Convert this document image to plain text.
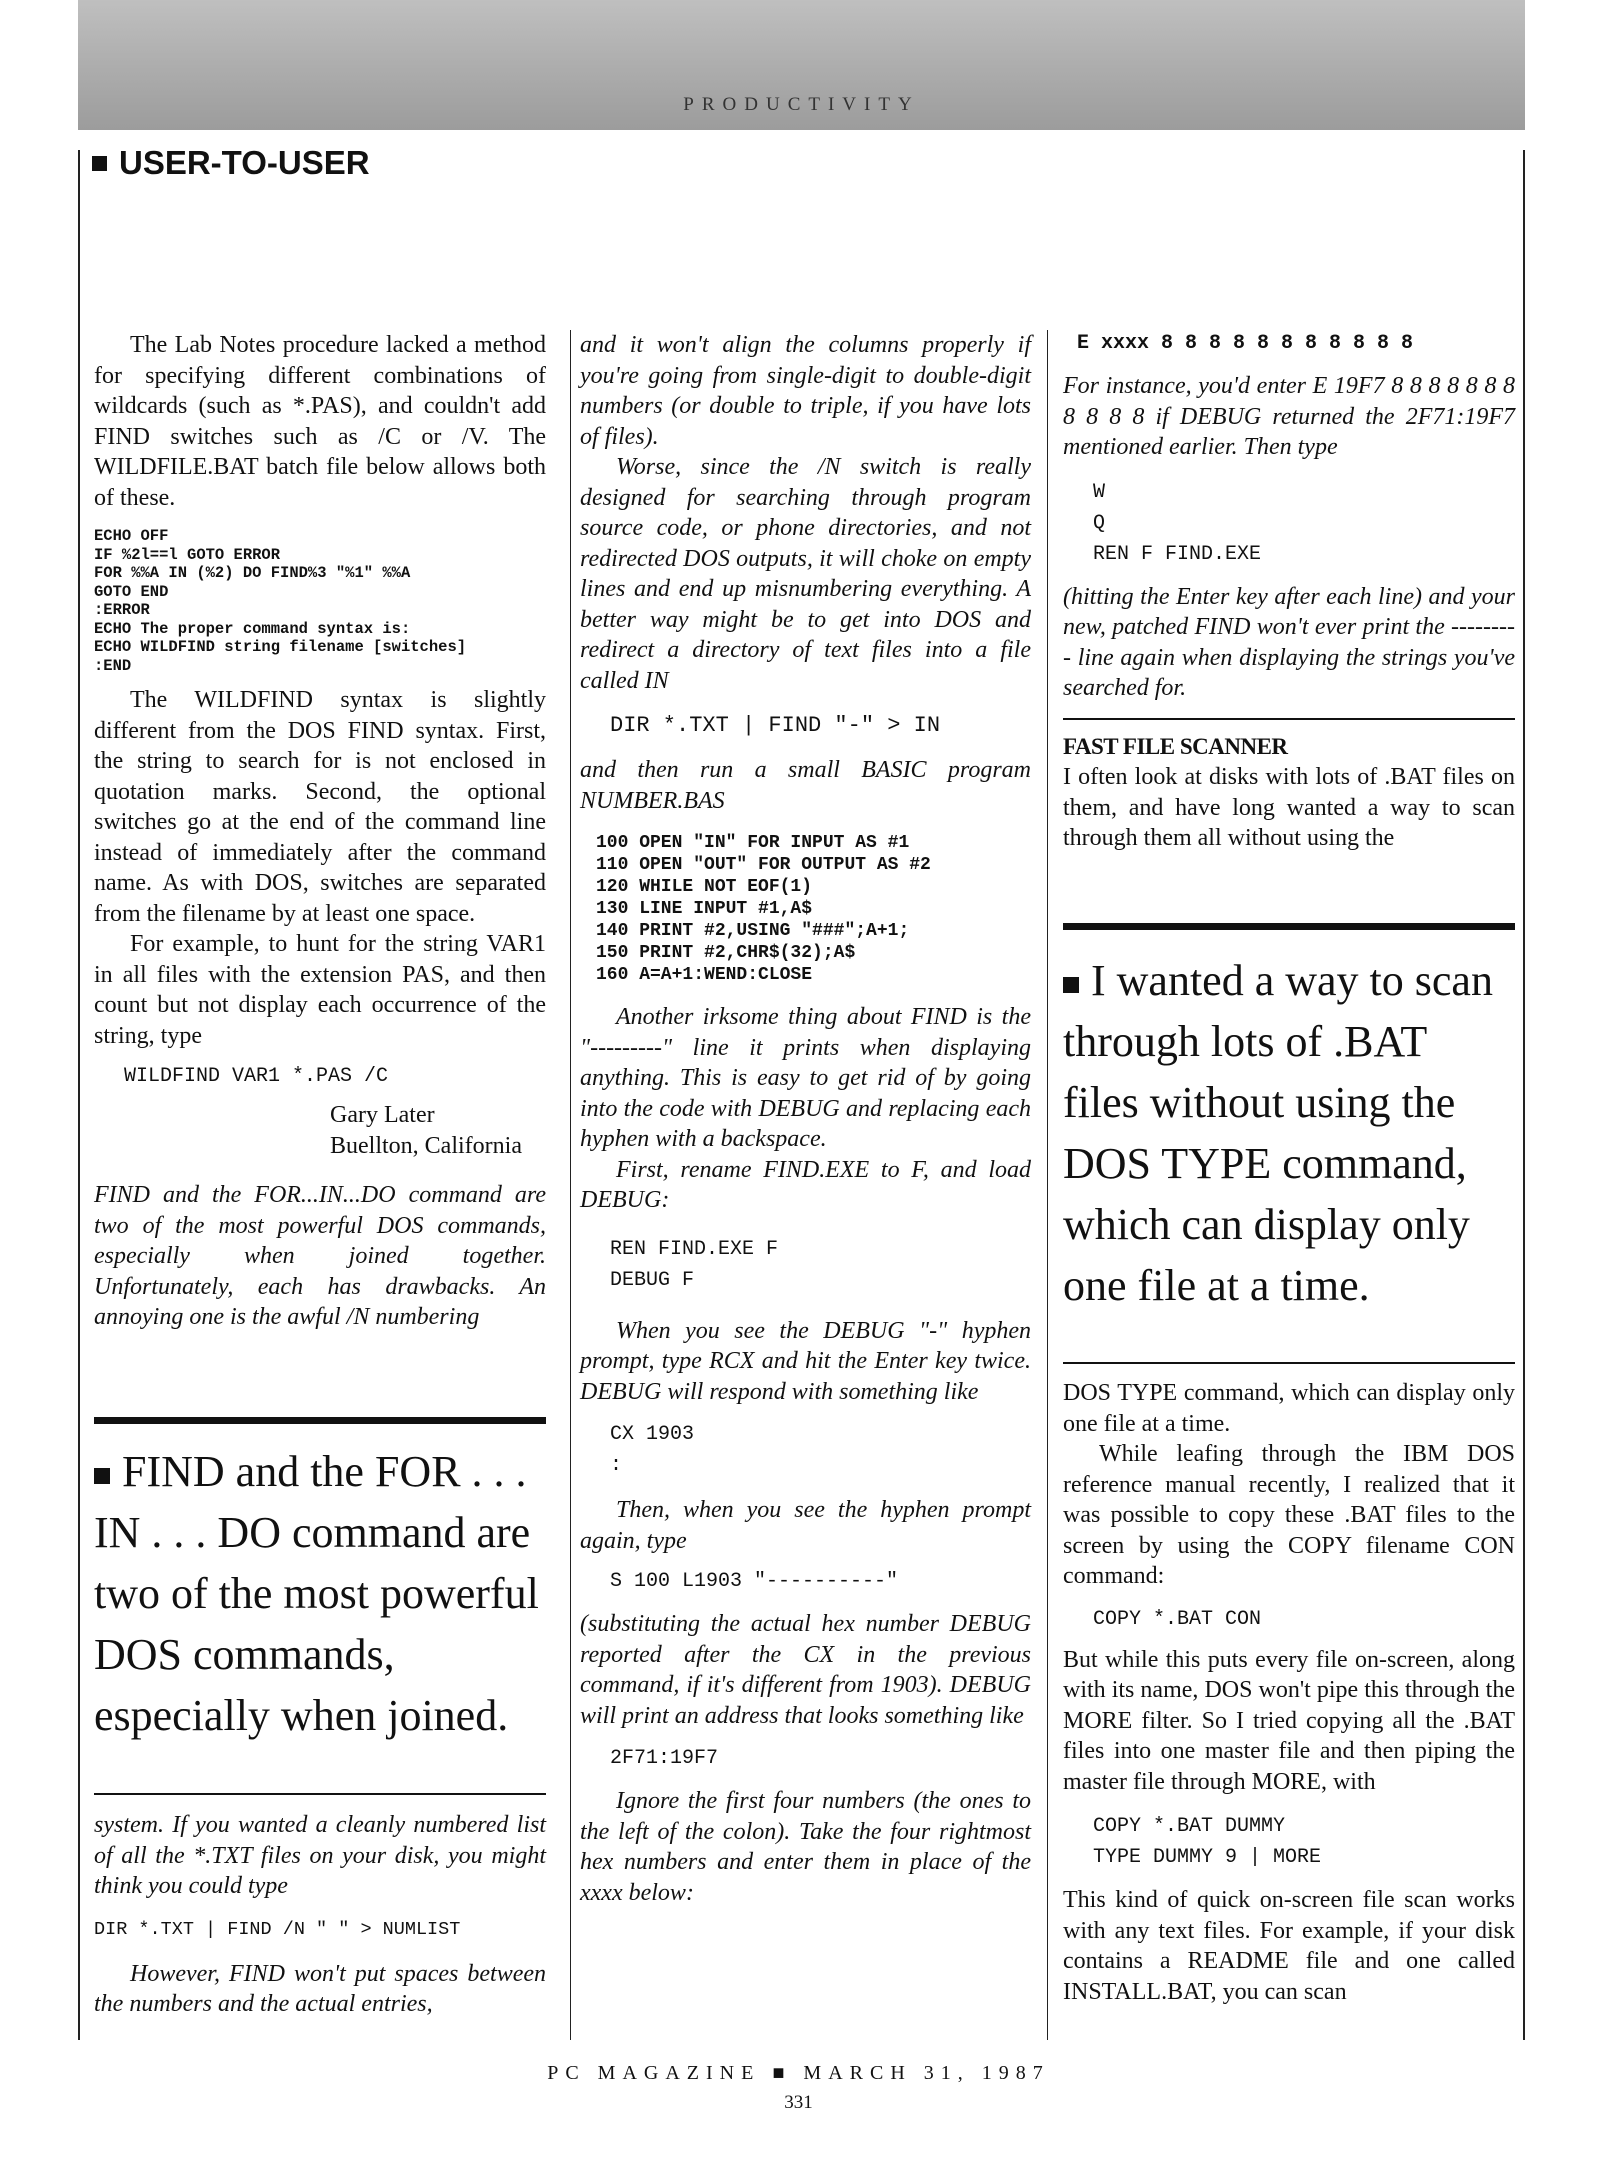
PRODUCTIVITY
USER-TO-USER

The Lab Notes procedure lacked a method for specifying different combinations of wildcards (such as *.PAS), and couldn't add FIND switches such as /C or /V. The WILDFILE.BAT batch file below allows both of these.

ECHO OFF
IF %2l==l GOTO ERROR
FOR %%A IN (%2) DO FIND%3 "%1" %%A
GOTO END
:ERROR
ECHO The proper command syntax is:
ECHO WILDFIND string filename [switches]
:END

The WILDFIND syntax is slightly different from the DOS FIND syntax. First, the string to search for is not enclosed in quotation marks. Second, the optional switches go at the end of the command line instead of immediately after the command name. As with DOS, switches are separated from the filename by at least one space.

For example, to hunt for the string VAR1 in all files with the extension PAS, and then count but not display each occurrence of the string, type

WILDFIND VAR1 *.PAS /C
Gary Later
Buellton, California

FIND and the FOR...IN...DO command are two of the most powerful DOS commands, especially when joined together. Unfortunately, each has drawbacks. An annoying one is the awful /N numbering

FIND and the FOR . . . IN . . . DO command are two of the most powerful DOS commands, especially when joined.

system. If you wanted a cleanly numbered list of all the *.TXT files on your disk, you might think you could type

DIR *.TXT | FIND /N " " > NUMLIST

However, FIND won't put spaces between the numbers and the actual entries,

and it won't align the columns properly if you're going from single-digit to double-digit numbers (or double to triple, if you have lots of files).

Worse, since the /N switch is really designed for searching through program source code, or phone directories, and not redirected DOS outputs, it will choke on empty lines and end up misnumbering everything. A better way might be to get into DOS and redirect a directory of text files into a file called IN

DIR *.TXT | FIND "-" > IN

and then run a small BASIC program NUMBER.BAS

100 OPEN "IN" FOR INPUT AS #1
110 OPEN "OUT" FOR OUTPUT AS #2
120 WHILE NOT EOF(1)
130 LINE INPUT #1,A$
140 PRINT #2,USING "###";A+1;
150 PRINT #2,CHR$(32);A$
160 A=A+1:WEND:CLOSE

Another irksome thing about FIND is the "---------" line it prints when displaying anything. This is easy to get rid of by going into the code with DEBUG and replacing each hyphen with a backspace.

First, rename FIND.EXE to F, and load DEBUG:

REN FIND.EXE F
DEBUG F

When you see the DEBUG "-" hyphen prompt, type RCX and hit the Enter key twice. DEBUG will respond with something like

CX 1903
:

Then, when you see the hyphen prompt again, type

S 100 L1903 "----------"

(substituting the actual hex number DEBUG reported after the CX in the previous command, if it's different from 1903). DEBUG will print an address that looks something like

2F71:19F7

Ignore the first four numbers (the ones to the left of the colon). Take the four rightmost hex numbers and enter them in place of the xxxx below:

E xxxx 8 8 8 8 8 8 8 8 8 8 8

For instance, you'd enter E 19F7 8 8 8 8 8 8 8 8 8 8 8 if DEBUG returned the 2F71:19F7 mentioned earlier. Then type

W
Q
REN F FIND.EXE

(hitting the Enter key after each line) and your new, patched FIND won't ever print the --------- line again when displaying the strings you've searched for.

FAST FILE SCANNER

I often look at disks with lots of .BAT files on them, and have long wanted a way to scan through them all without using the

I wanted a way to scan through lots of .BAT files without using the DOS TYPE command, which can display only one file at a time.

DOS TYPE command, which can display only one file at a time.

While leafing through the IBM DOS reference manual recently, I realized that it was possible to copy these .BAT files to the screen by using the COPY filename CON command:

COPY *.BAT CON

But while this puts every file on-screen, along with its name, DOS won't pipe this through the MORE filter. So I tried copying all the .BAT files into one master file and then piping the master file through MORE, with

COPY *.BAT DUMMY
TYPE DUMMY 9 | MORE

This kind of quick on-screen file scan works with any text files. For example, if your disk contains a README file and one called INSTALL.BAT, you can scan

PC MAGAZINE ■ MARCH 31, 1987
331
